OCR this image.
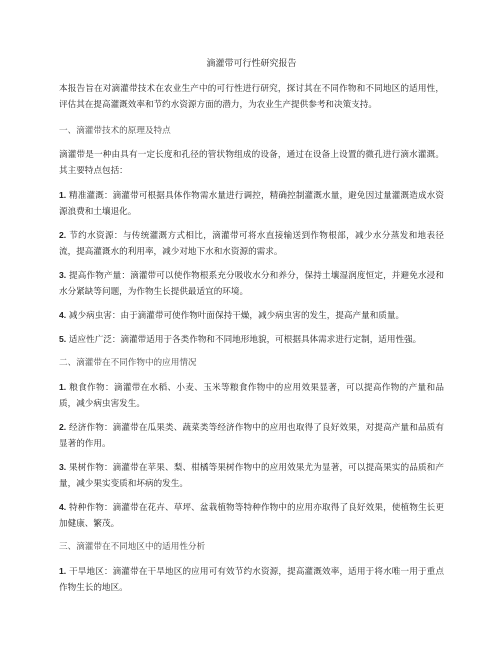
滴灌带可行性研究报告

本报告旨在对滴灌带技术在农业生产中的可行性进行研究，探讨其在不同作物和不同地区的适用性，评估其在提高灌溉效率和节约水资源方面的潜力，为农业生产提供参考和决策支持。

一、滴灌带技术的原理及特点

滴灌带是一种由具有一定长度和孔径的管状物组成的设备，通过在设备上设置的微孔进行滴水灌溉。其主要特点包括：

1. 精准灌溉：滴灌带可根据具体作物需水量进行调控，精确控制灌溉水量，避免因过量灌溉造成水资源浪费和土壤退化。

2. 节约水资源：与传统灌溉方式相比，滴灌带可将水直接输送到作物根部，减少水分蒸发和地表径流，提高灌溉水的利用率，减少对地下水和水资源的需求。

3. 提高作物产量：滴灌带可以使作物根系充分吸收水分和养分，保持土壤湿润度恒定，并避免水浸和水分紧缺等问题，为作物生长提供最适宜的环境。

4. 减少病虫害：由于滴灌带可使作物叶面保持干燥，减少病虫害的发生，提高产量和质量。

5. 适应性广泛：滴灌带适用于各类作物和不同地形地貌，可根据具体需求进行定制，适用性强。

二、滴灌带在不同作物中的应用情况

1. 粮食作物：滴灌带在水稻、小麦、玉米等粮食作物中的应用效果显著，可以提高作物的产量和品质，减少病虫害发生。

2. 经济作物：滴灌带在瓜果类、蔬菜类等经济作物中的应用也取得了良好效果，对提高产量和品质有显著的作用。

3. 果树作物：滴灌带在苹果、梨、柑橘等果树作物中的应用效果尤为显著，可以提高果实的品质和产量，减少果实变质和坏病的发生。

4. 特种作物：滴灌带在花卉、草坪、盆栽植物等特种作物中的应用亦取得了良好效果，使植物生长更加健康、繁茂。

三、滴灌带在不同地区中的适用性分析

1. 干旱地区：滴灌带在干旱地区的应用可有效节约水资源，提高灌溉效率，适用于将水唯一用于重点作物生长的地区。
